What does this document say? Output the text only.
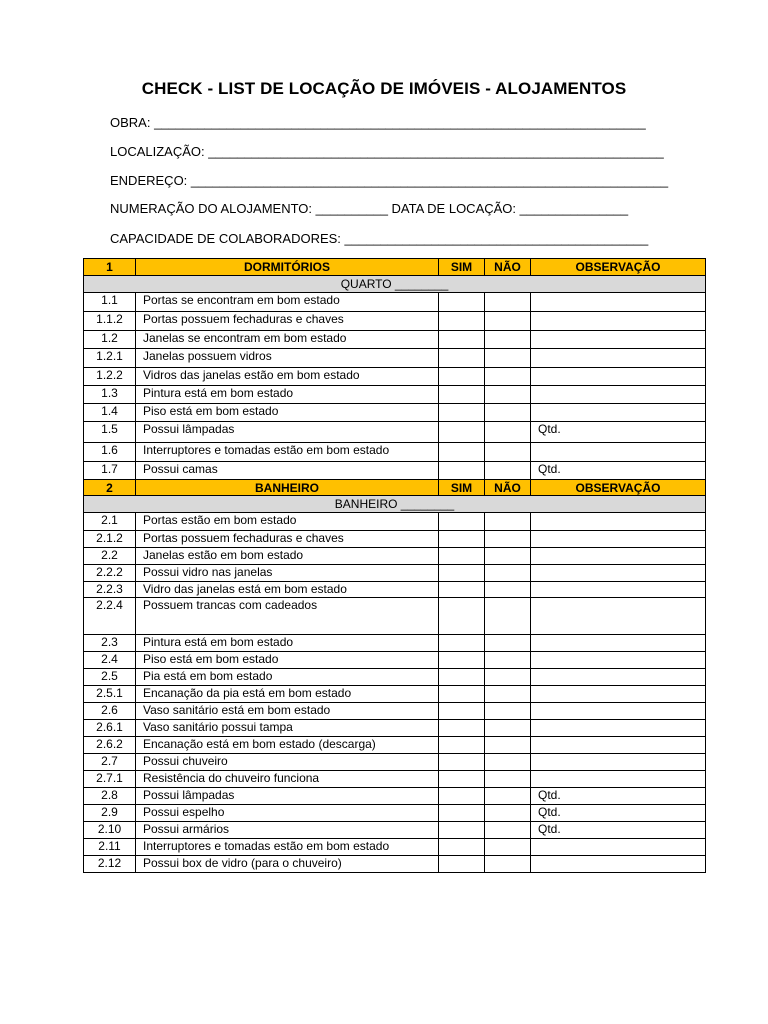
CHECK - LIST DE LOCAÇÃO DE IMÓVEIS - ALOJAMENTOS
OBRA: ____________________________________________________________________
LOCALIZAÇÃO: _______________________________________________________________
ENDEREÇO: __________________________________________________________________
NUMERAÇÃO DO ALOJAMENTO: __________ DATA DE LOCAÇÃO: _______________
CAPACIDADE DE COLABORADORES: __________________________________________
1	DORMITÓRIOS	SIM	NÃO	OBSERVAÇÃO
QUARTO ________				
1.1	Portas se encontram em bom estado			
1.1.2	Portas possuem fechaduras e chaves			
1.2	Janelas se encontram em bom estado			
1.2.1	Janelas possuem vidros			
1.2.2	Vidros das janelas estão em bom estado			
1.3	Pintura está em bom estado			
1.4	Piso está em bom estado			
1.5	Possui lâmpadas			Qtd.
1.6	Interruptores e tomadas estão em bom estado			
1.7	Possui camas			Qtd.
2	BANHEIRO	SIM	NÃO	OBSERVAÇÃO
BANHEIRO ________				
2.1	Portas estão em bom estado			
2.1.2	Portas possuem fechaduras e chaves			
2.2	Janelas estão em bom estado			
2.2.2	Possui vidro nas janelas			
2.2.3	Vidro das janelas está em bom estado			
2.2.4	Possuem trancas com cadeados			
2.3	Pintura está em bom estado			
2.4	Piso está em bom estado			
2.5	Pia está em bom estado			
2.5.1	Encanação da pia está em bom estado			
2.6	Vaso sanitário está em bom estado			
2.6.1	Vaso sanitário possui tampa			
2.6.2	Encanação está em bom estado (descarga)			
2.7	Possui chuveiro			
2.7.1	Resistência do chuveiro funciona			
2.8	Possui lâmpadas			Qtd.
2.9	Possui espelho			Qtd.
2.10	Possui armários			Qtd.
2.11	Interruptores e tomadas estão em bom estado			
2.12	Possui box de vidro (para o chuveiro)			
